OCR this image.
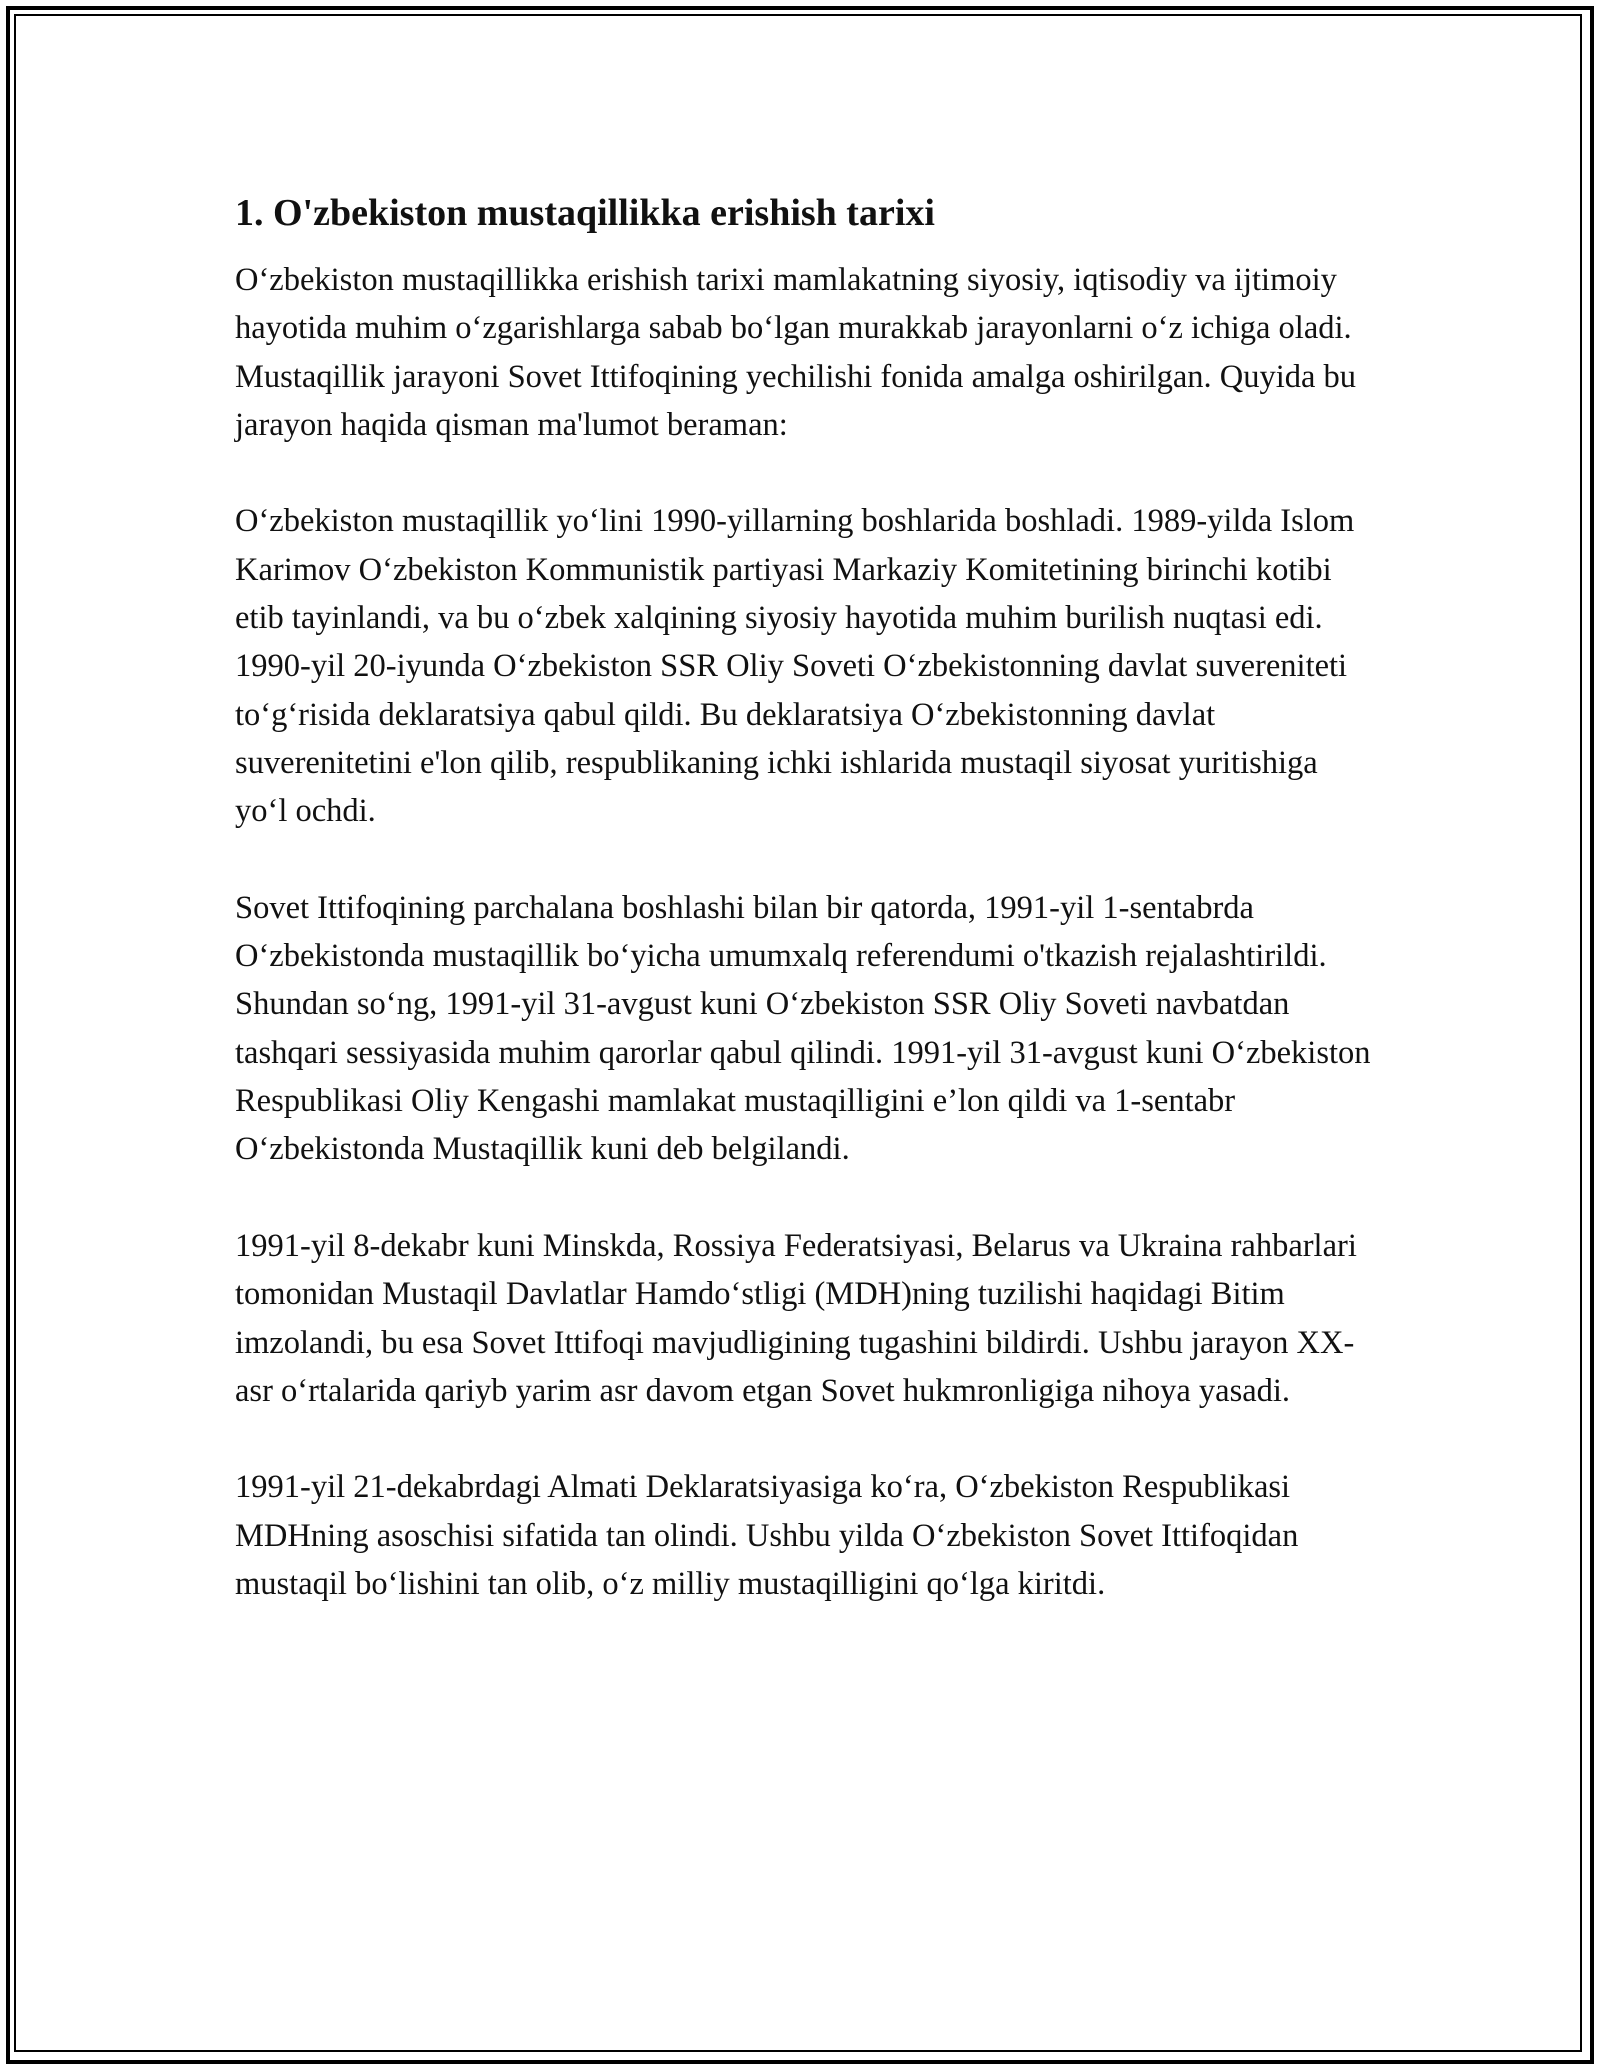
1. O'zbekiston mustaqillikka erishish tarixi

O‘zbekiston mustaqillikka erishish tarixi mamlakatning siyosiy, iqtisodiy va ijtimoiy hayotida muhim o‘zgarishlarga sabab bo‘lgan murakkab jarayonlarni o‘z ichiga oladi. Mustaqillik jarayoni Sovet Ittifoqining yechilishi fonida amalga oshirilgan. Quyida bu jarayon haqida qisman ma'lumot beraman:

O‘zbekiston mustaqillik yo‘lini 1990-yillarning boshlarida boshladi. 1989-yilda Islom Karimov O‘zbekiston Kommunistik partiyasi Markaziy Komitetining birinchi kotibi etib tayinlandi, va bu o‘zbek xalqining siyosiy hayotida muhim burilish nuqtasi edi. 1990-yil 20-iyunda O‘zbekiston SSR Oliy Soveti O‘zbekistonning davlat suvereniteti to‘g‘risida deklaratsiya qabul qildi. Bu deklaratsiya O‘zbekistonning davlat suverenitetini e'lon qilib, respublikaning ichki ishlarida mustaqil siyosat yuritishiga yo‘l ochdi.

Sovet Ittifoqining parchalana boshlashi bilan bir qatorda, 1991-yil 1-sentabrda O‘zbekistonda mustaqillik bo‘yicha umumxalq referendumi o'tkazish rejalashtirildi. Shundan so‘ng, 1991-yil 31-avgust kuni O‘zbekiston SSR Oliy Soveti navbatdan tashqari sessiyasida muhim qarorlar qabul qilindi. 1991-yil 31-avgust kuni O‘zbekiston Respublikasi Oliy Kengashi mamlakat mustaqilligini e’lon qildi va 1-sentabr O‘zbekistonda Mustaqillik kuni deb belgilandi.

1991-yil 8-dekabr kuni Minskda, Rossiya Federatsiyasi, Belarus va Ukraina rahbarlari tomonidan Mustaqil Davlatlar Hamdo‘stligi (MDH)ning tuzilishi haqidagi Bitim imzolandi, bu esa Sovet Ittifoqi mavjudligining tugashini bildirdi. Ushbu jarayon XX-asr o‘rtalarida qariyb yarim asr davom etgan Sovet hukmronligiga nihoya yasadi.

1991-yil 21-dekabrdagi Almati Deklaratsiyasiga ko‘ra, O‘zbekiston Respublikasi MDHning asoschisi sifatida tan olindi. Ushbu yilda O‘zbekiston Sovet Ittifoqidan mustaqil bo‘lishini tan olib, o‘z milliy mustaqilligini qo‘lga kiritdi.
